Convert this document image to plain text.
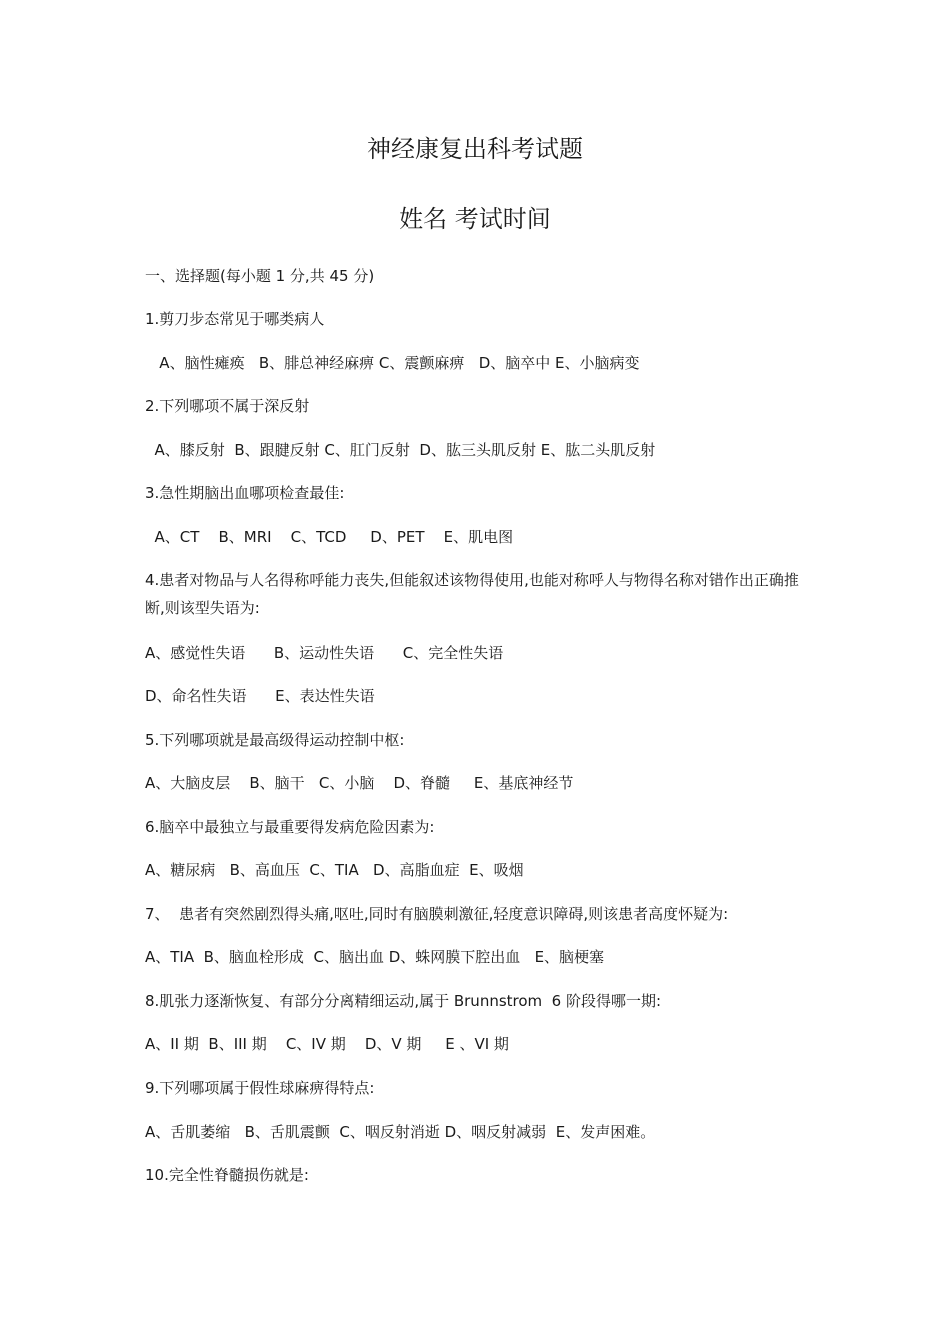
神经康复出科考试题
姓名 考试时间

一、选择题(每小题 1 分,共 45 分)

1.剪刀步态常见于哪类病人

A、脑性瘫痪   B、腓总神经麻痹 C、震颤麻痹   D、脑卒中 E、小脑病变

2.下列哪项不属于深反射

A、膝反射  B、跟腱反射 C、肛门反射  D、肱三头肌反射 E、肱二头肌反射

3.急性期脑出血哪项检查最佳:

A、CT    B、MRI    C、TCD     D、PET    E、肌电图

4.患者对物品与人名得称呼能力丧失,但能叙述该物得使用,也能对称呼人与物得名称对错作出正确推断,则该型失语为:

A、感觉性失语      B、运动性失语      C、完全性失语

D、命名性失语      E、表达性失语

5.下列哪项就是最高级得运动控制中枢:

A、大脑皮层    B、脑干   C、小脑    D、脊髓     E、基底神经节

6.脑卒中最独立与最重要得发病危险因素为:

A、糖尿病   B、高血压  C、TIA   D、高脂血症  E、吸烟

7、  患者有突然剧烈得头痛,呕吐,同时有脑膜刺激征,轻度意识障碍,则该患者高度怀疑为:

A、TIA  B、脑血栓形成  C、脑出血 D、蛛网膜下腔出血   E、脑梗塞

8.肌张力逐渐恢复、有部分分离精细运动,属于 Brunnstrom  6 阶段得哪一期:

A、II 期  B、III 期    C、IV 期    D、V 期     E 、VI 期

9.下列哪项属于假性球麻痹得特点:

A、舌肌萎缩   B、舌肌震颤  C、咽反射消逝 D、咽反射减弱  E、发声困难。

10.完全性脊髓损伤就是:
